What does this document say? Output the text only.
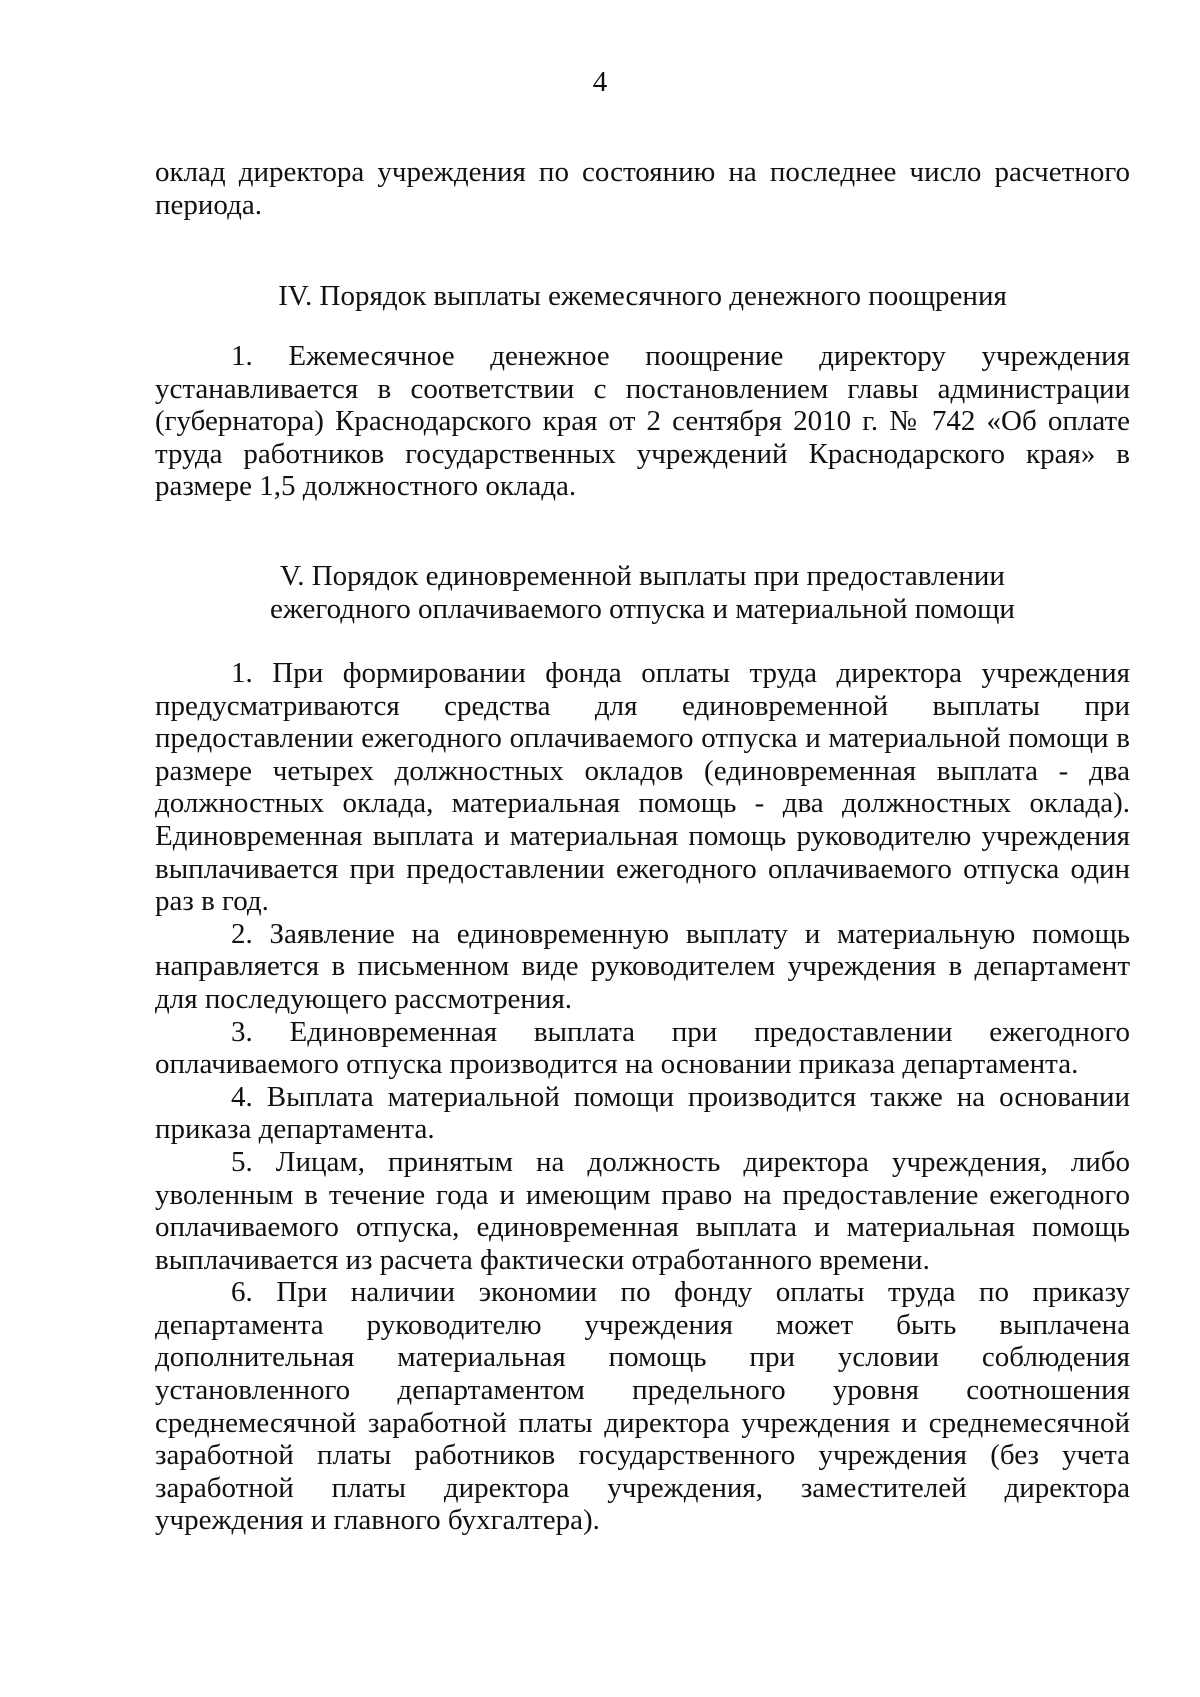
4

оклад директора учреждения по состоянию на последнее число расчетного периода.

IV. Порядок выплаты ежемесячного денежного поощрения

1. Ежемесячное денежное поощрение директору учреждения устанавливается в соответствии с постановлением главы администрации (губернатора) Краснодарского края от 2 сентября 2010 г. № 742 «Об оплате труда работников государственных учреждений Краснодарского края» в размере 1,5 должностного оклада.

V. Порядок единовременной выплаты при предоставлении
ежегодного оплачиваемого отпуска и материальной помощи

1. При формировании фонда оплаты труда директора учреждения предусматриваются средства для единовременной выплаты при предоставлении ежегодного оплачиваемого отпуска и материальной помощи в размере четырех должностных окладов (единовременная выплата - два должностных оклада, материальная помощь - два должностных оклада). Единовременная выплата и материальная помощь руководителю учреждения выплачивается при предоставлении ежегодного оплачиваемого отпуска один раз в год.

2. Заявление на единовременную выплату и материальную помощь направляется в письменном виде руководителем учреждения в департамент для последующего рассмотрения.

3. Единовременная выплата при предоставлении ежегодного оплачиваемого отпуска производится на основании приказа департамента.

4. Выплата материальной помощи производится также на основании приказа департамента.

5. Лицам, принятым на должность директора учреждения, либо уволенным в течение года и имеющим право на предоставление ежегодного оплачиваемого отпуска, единовременная выплата и материальная помощь выплачивается из расчета фактически отработанного времени.

6. При наличии экономии по фонду оплаты труда по приказу департамента руководителю учреждения может быть выплачена дополнительная материальная помощь при условии соблюдения установленного департаментом предельного уровня соотношения среднемесячной заработной платы директора учреждения и среднемесячной заработной платы работников государственного учреждения (без учета заработной платы директора учреждения, заместителей директора учреждения и главного бухгалтера).
